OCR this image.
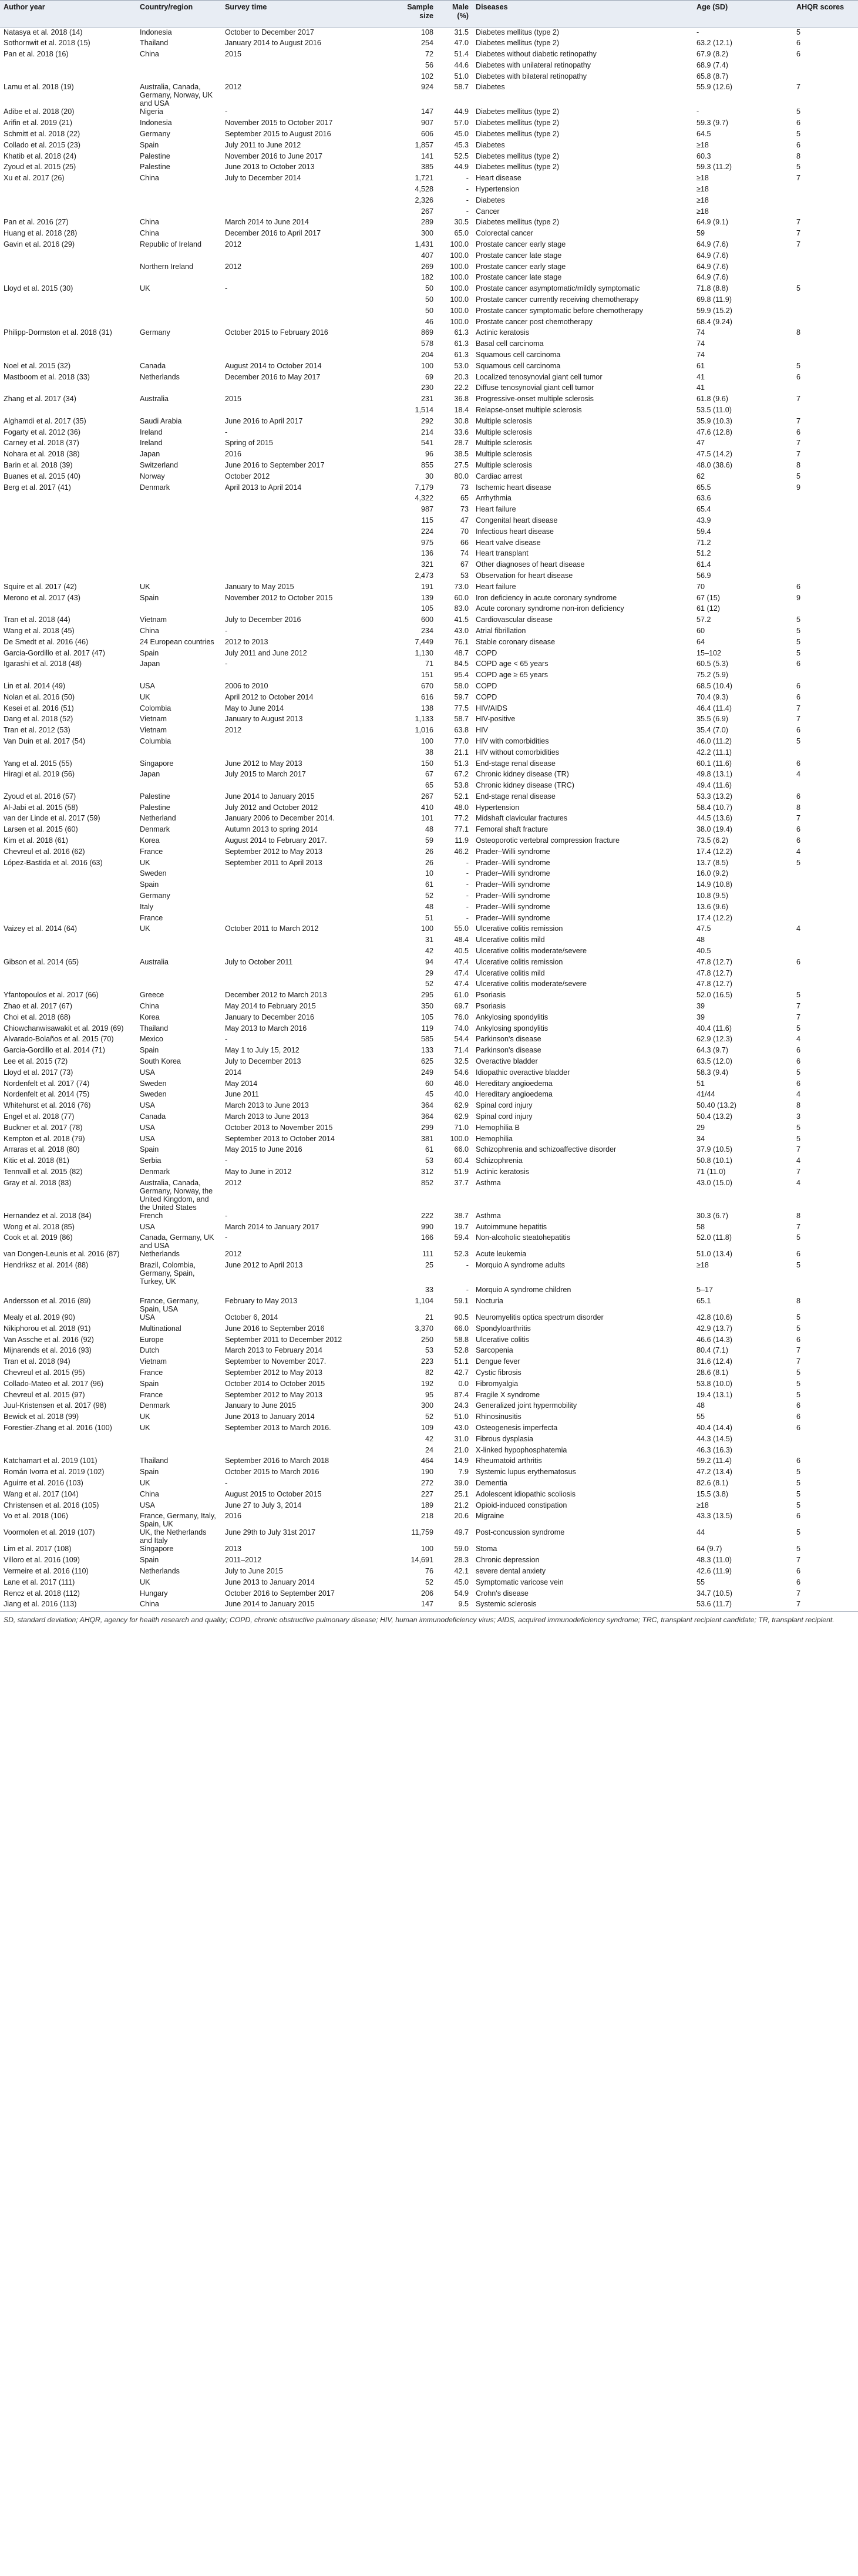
Author year	Country/region	Survey time	Sample size	Male (%)	Diseases	Age (SD)	AHQR scores
Natasya et al. 2018 (14)	Indonesia	October to December 2017	108	31.5	Diabetes mellitus (type 2)	-	5
Sothornwit et al. 2018 (15)	Thailand	January 2014 to August 2016	254	47.0	Diabetes mellitus (type 2)	63.2 (12.1)	6
Pan et al. 2018 (16)	China	2015	72	51.4	Diabetes without diabetic retinopathy	67.9 (8.2)	6
			56	44.6	Diabetes with unilateral retinopathy	68.9 (7.4)	
			102	51.0	Diabetes with bilateral retinopathy	65.8 (8.7)	
Lamu et al. 2018 (19)	Australia, Canada, Germany, Norway, UK and USA	2012	924	58.7	Diabetes	55.9 (12.6)	7
Adibe et al. 2018 (20)	Nigeria	-	147	44.9	Diabetes mellitus (type 2)	-	5
Arifin et al. 2019 (21)	Indonesia	November 2015 to October 2017	907	57.0	Diabetes mellitus (type 2)	59.3 (9.7)	6
Schmitt et al. 2018 (22)	Germany	September 2015 to August 2016	606	45.0	Diabetes mellitus (type 2)	64.5	5
Collado et al. 2015 (23)	Spain	July 2011 to June 2012	1,857	45.3	Diabetes	≥18	6
Khatib et al. 2018 (24)	Palestine	November 2016 to June 2017	141	52.5	Diabetes mellitus (type 2)	60.3	8
Zyoud et al. 2015 (25)	Palestine	June 2013 to October 2013	385	44.9	Diabetes mellitus (type 2)	59.3 (11.2)	5
Xu et al. 2017 (26)	China	July to December 2014	1,721	-	Heart disease	≥18	7
			4,528	-	Hypertension	≥18	
			2,326	-	Diabetes	≥18	
			267	-	Cancer	≥18	
Pan et al. 2016 (27)	China	March 2014 to June 2014	289	30.5	Diabetes mellitus (type 2)	64.9 (9.1)	7
Huang et al. 2018 (28)	China	December 2016 to April 2017	300	65.0	Colorectal cancer	59	7
Gavin et al. 2016 (29)	Republic of Ireland	2012	1,431	100.0	Prostate cancer early stage	64.9 (7.6)	7
			407	100.0	Prostate cancer late stage	64.9 (7.6)	
	Northern Ireland	2012	269	100.0	Prostate cancer early stage	64.9 (7.6)	
			182	100.0	Prostate cancer late stage	64.9 (7.6)	
Lloyd et al. 2015 (30)	UK	-	50	100.0	Prostate cancer asymptomatic/mildly symptomatic	71.8 (8.8)	5
			50	100.0	Prostate cancer currently receiving chemotherapy	69.8 (11.9)	
			50	100.0	Prostate cancer symptomatic before chemotherapy	59.9 (15.2)	
			46	100.0	Prostate cancer post chemotherapy	68.4 (9.24)	
Philipp-Dormston et al. 2018 (31)	Germany	October 2015 to February 2016	869	61.3	Actinic keratosis	74	8
			578	61.3	Basal cell carcinoma	74	
			204	61.3	Squamous cell carcinoma	74	
Noel et al. 2015 (32)	Canada	August 2014 to October 2014	100	53.0	Squamous cell carcinoma	61	5
Mastboom et al. 2018 (33)	Netherlands	December 2016 to May 2017	69	20.3	Localized tenosynovial giant cell tumor	41	6
			230	22.2	Diffuse tenosynovial giant cell tumor	41	
Zhang et al. 2017 (34)	Australia	2015	231	36.8	Progressive-onset multiple sclerosis	61.8 (9.6)	7
			1,514	18.4	Relapse-onset multiple sclerosis	53.5 (11.0)	
Alghamdi et al. 2017 (35)	Saudi Arabia	June 2016 to April 2017	292	30.8	Multiple sclerosis	35.9 (10.3)	7
Fogarty et al. 2012 (36)	Ireland	-	214	33.6	Multiple sclerosis	47.6 (12.8)	6
Carney et al. 2018 (37)	Ireland	Spring of 2015	541	28.7	Multiple sclerosis	47	7
Nohara et al. 2018 (38)	Japan	2016	96	38.5	Multiple sclerosis	47.5 (14.2)	7
Barin et al. 2018 (39)	Switzerland	June 2016 to September 2017	855	27.5	Multiple sclerosis	48.0 (38.6)	8
Buanes et al. 2015 (40)	Norway	October 2012	30	80.0	Cardiac arrest	62	5
Berg et al. 2017 (41)	Denmark	April 2013 to April 2014	7,179	73	Ischemic heart disease	65.5	9
			4,322	65	Arrhythmia	63.6	
			987	73	Heart failure	65.4	
			115	47	Congenital heart disease	43.9	
			224	70	Infectious heart disease	59.4	
			975	66	Heart valve disease	71.2	
			136	74	Heart transplant	51.2	
			321	67	Other diagnoses of heart disease	61.4	
			2,473	53	Observation for heart disease	56.9	
Squire et al. 2017 (42)	UK	January to May 2015	191	73.0	Heart failure	70	6
Merono et al. 2017 (43)	Spain	November 2012 to October 2015	139	60.0	Iron deficiency in acute coronary syndrome	67 (15)	9
			105	83.0	Acute coronary syndrome non-iron deficiency	61 (12)	
Tran et al. 2018 (44)	Vietnam	July to December 2016	600	41.5	Cardiovascular disease	57.2	5
Wang et al. 2018 (45)	China	-	234	43.0	Atrial fibrillation	60	5
De Smedt et al. 2016 (46)	24 European countries	2012 to 2013	7,449	76.1	Stable coronary disease	64	5
Garcia-Gordillo et al. 2017 (47)	Spain	July 2011 and June 2012	1,130	48.7	COPD	15–102	5
Igarashi et al. 2018 (48)	Japan	-	71	84.5	COPD age < 65 years	60.5 (5.3)	6
			151	95.4	COPD age ≥ 65 years	75.2 (5.9)	
Lin et al. 2014 (49)	USA	2006 to 2010	670	58.0	COPD	68.5 (10.4)	6
Nolan et al. 2016 (50)	UK	April 2012 to October 2014	616	59.7	COPD	70.4 (9.3)	6
Kesei et al. 2016 (51)	Colombia	May to June 2014	138	77.5	HIV/AIDS	46.4 (11.4)	7
Dang et al. 2018 (52)	Vietnam	January to August 2013	1,133	58.7	HIV-positive	35.5 (6.9)	7
Tran et al. 2012 (53)	Vietnam	2012	1,016	63.8	HIV	35.4 (7.0)	6
Van Duin et al. 2017 (54)	Columbia		100	77.0	HIV with comorbidities	46.0 (11.2)	5
			38	21.1	HIV without comorbidities	42.2 (11.1)	
Yang et al. 2015 (55)	Singapore	June 2012 to May 2013	150	51.3	End-stage renal disease	60.1 (11.6)	6
Hiragi et al. 2019 (56)	Japan	July 2015 to March 2017	67	67.2	Chronic kidney disease (TR)	49.8 (13.1)	4
			65	53.8	Chronic kidney disease (TRC)	49.4 (11.6)	
Zyoud et al. 2016 (57)	Palestine	June 2014 to January 2015	267	52.1	End-stage renal disease	53.3 (13.2)	6
Al-Jabi et al. 2015 (58)	Palestine	July 2012 and October 2012	410	48.0	Hypertension	58.4 (10.7)	8
van der Linde et al. 2017 (59)	Netherland	January 2006 to December 2014.	101	77.2	Midshaft clavicular fractures	44.5 (13.6)	7
Larsen et al. 2015 (60)	Denmark	Autumn 2013 to spring 2014	48	77.1	Femoral shaft fracture	38.0 (19.4)	6
Kim et al. 2018 (61)	Korea	August 2014 to February 2017.	59	11.9	Osteoporotic vertebral compression fracture	73.5 (6.2)	6
Chevreul et al. 2016 (62)	France	September 2012 to May 2013	26	46.2	Prader–Willi syndrome	17.4 (12.2)	4
López-Bastida et al. 2016 (63)	UK	September 2011 to April 2013	26	-	Prader–Willi syndrome	13.7 (8.5)	5
	Sweden		10	-	Prader–Willi syndrome	16.0 (9.2)	
	Spain		61	-	Prader–Willi syndrome	14.9 (10.8)	
	Germany		52	-	Prader–Willi syndrome	10.8 (9.5)	
	Italy		48	-	Prader–Willi syndrome	13.6 (9.6)	
	France		51	-	Prader–Willi syndrome	17.4 (12.2)	
Vaizey et al. 2014 (64)	UK	October 2011 to March 2012	100	55.0	Ulcerative colitis remission	47.5	4
			31	48.4	Ulcerative colitis mild	48	
			42	40.5	Ulcerative colitis moderate/severe	40.5	
Gibson et al. 2014 (65)	Australia	July to October 2011	94	47.4	Ulcerative colitis remission	47.8 (12.7)	6
			29	47.4	Ulcerative colitis mild	47.8 (12.7)	
			52	47.4	Ulcerative colitis moderate/severe	47.8 (12.7)	
Yfantopoulos et al. 2017 (66)	Greece	December 2012 to March 2013	295	61.0	Psoriasis	52.0 (16.5)	5
Zhao et al. 2017 (67)	China	May 2014 to February 2015	350	69.7	Psoriasis	39	7
Choi et al. 2018 (68)	Korea	January to December 2016	105	76.0	Ankylosing spondylitis	39	7
Chiowchanwisawakit et al. 2019 (69)	Thailand	May 2013 to March 2016	119	74.0	Ankylosing spondylitis	40.4 (11.6)	5
Alvarado-Bolaños et al. 2015 (70)	Mexico	-	585	54.4	Parkinson's disease	62.9 (12.3)	4
Garcia-Gordillo et al. 2014 (71)	Spain	May 1 to July 15, 2012	133	71.4	Parkinson's disease	64.3 (9.7)	6
Lee et al. 2015 (72)	South Korea	July to December 2013	625	32.5	Overactive bladder	63.5 (12.0)	6
Lloyd et al. 2017 (73)	USA	2014	249	54.6	Idiopathic overactive bladder	58.3 (9.4)	5
Nordenfelt et al. 2017 (74)	Sweden	May 2014	60	46.0	Hereditary angioedema	51	6
Nordenfelt et al. 2014 (75)	Sweden	June 2011	45	40.0	Hereditary angioedema	41/44	4
Whitehurst et al. 2016 (76)	USA	March 2013 to June 2013	364	62.9	Spinal cord injury	50.40 (13.2)	8
Engel et al. 2018 (77)	Canada	March 2013 to June 2013	364	62.9	Spinal cord injury	50.4 (13.2)	3
Buckner et al. 2017 (78)	USA	October 2013 to November 2015	299	71.0	Hemophilia B	29	5
Kempton et al. 2018 (79)	USA	September 2013 to October 2014	381	100.0	Hemophilia	34	5
Arraras et al. 2018 (80)	Spain	May 2015 to June 2016	61	66.0	Schizophrenia and schizoaffective disorder	37.9 (10.5)	7
Kitic et al. 2018 (81)	Serbia	-	53	60.4	Schizophrenia	50.8 (10.1)	4
Tennvall et al. 2015 (82)	Denmark	May to June in 2012	312	51.9	Actinic keratosis	71 (11.0)	7
Gray et al. 2018 (83)	Australia, Canada, Germany, Norway, the United Kingdom, and the United States	2012	852	37.7	Asthma	43.0 (15.0)	4
Hernandez et al. 2018 (84)	French	-	222	38.7	Asthma	30.3 (6.7)	8
Wong et al. 2018 (85)	USA	March 2014 to January 2017	990	19.7	Autoimmune hepatitis	58	7
Cook et al. 2019 (86)	Canada, Germany, UK and USA	-	166	59.4	Non-alcoholic steatohepatitis	52.0 (11.8)	5
van Dongen-Leunis et al. 2016 (87)	Netherlands	2012	111	52.3	Acute leukemia	51.0 (13.4)	6
Hendriksz et al. 2014 (88)	Brazil, Colombia, Germany, Spain, Turkey, UK	June 2012 to April 2013	25	-	Morquio A syndrome adults	≥18	5
			33	-	Morquio A syndrome children	5–17	
Andersson et al. 2016 (89)	France, Germany, Spain, USA	February to May 2013	1,104	59.1	Nocturia	65.1	8
Mealy et al. 2019 (90)	USA	October 6, 2014	21	90.5	Neuromyelitis optica spectrum disorder	42.8 (10.6)	5
Nikiphorou et al. 2018 (91)	Multinational	June 2016 to September 2016	3,370	66.0	Spondyloarthritis	42.9 (13.7)	5
Van Assche et al. 2016 (92)	Europe	September 2011 to December 2012	250	58.8	Ulcerative colitis	46.6 (14.3)	6
Mijnarends et al. 2016 (93)	Dutch	March 2013 to February 2014	53	52.8	Sarcopenia	80.4 (7.1)	7
Tran et al. 2018 (94)	Vietnam	September to November 2017.	223	51.1	Dengue fever	31.6 (12.4)	7
Chevreul et al. 2015 (95)	France	September 2012 to May 2013	82	42.7	Cystic fibrosis	28.6 (8.1)	5
Collado-Mateo et al. 2017 (96)	Spain	October 2014 to October 2015	192	0.0	Fibromyalgia	53.8 (10.0)	5
Chevreul et al. 2015 (97)	France	September 2012 to May 2013	95	87.4	Fragile X syndrome	19.4 (13.1)	5
Juul-Kristensen et al. 2017 (98)	Denmark	January to June 2015	300	24.3	Generalized joint hypermobility	48	6
Bewick et al. 2018 (99)	UK	June 2013 to January 2014	52	51.0	Rhinosinusitis	55	6
Forestier-Zhang et al. 2016 (100)	UK	September 2013 to March 2016.	109	43.0	Osteogenesis imperfecta	40.4 (14.4)	6
			42	31.0	Fibrous dysplasia	44.3 (14.5)	
			24	21.0	X-linked hypophosphatemia	46.3 (16.3)	
Katchamart et al. 2019 (101)	Thailand	September 2016 to March 2018	464	14.9	Rheumatoid arthritis	59.2 (11.4)	6
Román Ivorra et al. 2019 (102)	Spain	October 2015 to March 2016	190	7.9	Systemic lupus erythematosus	47.2 (13.4)	5
Aguirre et al. 2016 (103)	UK	-	272	39.0	Dementia	82.6 (8.1)	5
Wang et al. 2017 (104)	China	August 2015 to October 2015	227	25.1	Adolescent idiopathic scoliosis	15.5 (3.8)	5
Christensen et al. 2016 (105)	USA	June 27 to July 3, 2014	189	21.2	Opioid-induced constipation	≥18	5
Vo et al. 2018 (106)	France, Germany, Italy, Spain, UK	2016	218	20.6	Migraine	43.3 (13.5)	6
Voormolen et al. 2019 (107)	UK, the Netherlands and Italy	June 29th to July 31st 2017	11,759	49.7	Post-concussion syndrome	44	5
Lim et al. 2017 (108)	Singapore	2013	100	59.0	Stoma	64 (9.7)	5
Villoro et al. 2016 (109)	Spain	2011–2012	14,691	28.3	Chronic depression	48.3 (11.0)	7
Vermeire et al. 2016 (110)	Netherlands	July to June 2015	76	42.1	severe dental anxiety	42.6 (11.9)	6
Lane et al. 2017 (111)	UK	June 2013 to January 2014	52	45.0	Symptomatic varicose vein	55	6
Rencz et al. 2018 (112)	Hungary	October 2016 to September 2017	206	54.9	Crohn's disease	34.7 (10.5)	7
Jiang et al. 2016 (113)	China	June 2014 to January 2015	147	9.5	Systemic sclerosis	53.6 (11.7)	7
SD, standard deviation; AHQR, agency for health research and quality; COPD, chronic obstructive pulmonary disease; HIV, human immunodeficiency virus; AIDS, acquired immunodeficiency syndrome; TRC, transplant recipient candidate; TR, transplant recipient.
